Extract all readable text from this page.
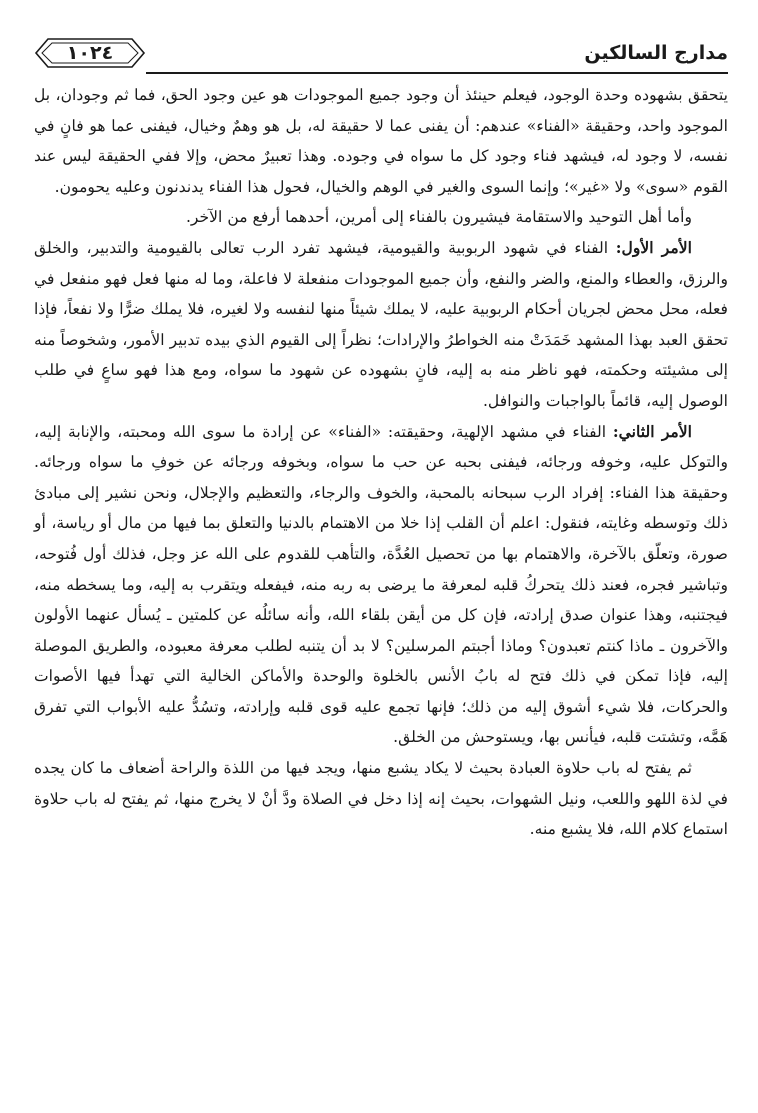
مدارج السالكين
١٠٢٤

يتحقق بشهوده وحدة الوجود، فيعلم حينئذ أن وجود جميع الموجودات هو عين وجود الحق، فما ثم وجودان، بل الموجود واحد، وحقيقة «الفناء» عندهم: أن يفنى عما لا حقيقة له، بل هو وهمٌ وخيال، فيفنى عما هو فانٍ في نفسه، لا وجود له، فيشهد فناء وجود كل ما سواه في وجوده. وهذا تعبيرٌ محض، وإلا ففي الحقيقة ليس عند القوم «سوى» ولا «غير»؛ وإنما السوى والغير في الوهم والخيال، فحول هذا الفناء يدندنون وعليه يحومون.

وأما أهل التوحيد والاستقامة فيشيرون بالفناء إلى أمرين، أحدهما أرفع من الآخر.

الأمر الأول: الفناء في شهود الربوبية والقيومية، فيشهد تفرد الرب تعالى بالقيومية والتدبير، والخلق والرزق، والعطاء والمنع، والضر والنفع، وأن جميع الموجودات منفعلة لا فاعلة، وما له منها فعل فهو منفعل في فعله، محل محض لجريان أحكام الربوبية عليه، لا يملك شيئاً منها لنفسه ولا لغيره، فلا يملك ضرًّا ولا نفعاً، فإذا تحقق العبد بهذا المشهد خَمَدَتْ منه الخواطرُ والإرادات؛ نظراً إلى القيوم الذي بيده تدبير الأمور، وشخوصاً منه إلى مشيئته وحكمته، فهو ناظر منه به إليه، فانٍ بشهوده عن شهود ما سواه، ومع هذا فهو ساعٍ في طلب الوصول إليه، قائماً بالواجبات والنوافل.

الأمر الثاني: الفناء في مشهد الإلهية، وحقيقته: «الفناء» عن إرادة ما سوى الله ومحبته، والإنابة إليه، والتوكل عليه، وخوفه ورجائه، فيفنى بحبه عن حب ما سواه، وبخوفه ورجائه عن خوفِ ما سواه ورجائه. وحقيقة هذا الفناء: إفراد الرب سبحانه بالمحبة، والخوف والرجاء، والتعظيم والإجلال، ونحن نشير إلى مبادئ ذلك وتوسطه وغايته، فنقول: اعلم أن القلب إذا خلا من الاهتمام بالدنيا والتعلق بما فيها من مال أو رياسة، أو صورة، وتعلّق بالآخرة، والاهتمام بها من تحصيل العُدَّة، والتأهب للقدوم على الله عز وجل، فذلك أول فُتوحه، وتباشير فجره، فعند ذلك يتحركُ قلبه لمعرفة ما يرضى به ربه منه، فيفعله ويتقرب به إليه، وما يسخطه منه، فيجتنبه، وهذا عنوان صدق إرادته، فإن كل من أيقن بلقاء الله، وأنه سائلُه عن كلمتين ـ يُسأل عنهما الأولون والآخرون ـ ماذا كنتم تعبدون؟ وماذا أجبتم المرسلين؟ لا بد أن يتنبه لطلب معرفة معبوده، والطريق الموصلة إليه، فإذا تمكن في ذلك فتح له بابُ الأنس بالخلوة والوحدة والأماكن الخالية التي تهدأ فيها الأصوات والحركات، فلا شيء أشوق إليه من ذلك؛ فإنها تجمع عليه قوى قلبه وإرادته، وتسُدُّ عليه الأبواب التي تفرق هَمَّه، وتشتت قلبه، فيأنس بها، ويستوحش من الخلق.

ثم يفتح له باب حلاوة العبادة بحيث لا يكاد يشبع منها، ويجد فيها من اللذة والراحة أضعاف ما كان يجده في لذة اللهو واللعب، ونيل الشهوات، بحيث إنه إذا دخل في الصلاة ودَّ أنْ لا يخرج منها، ثم يفتح له باب حلاوة استماع كلام الله، فلا يشبع منه.
